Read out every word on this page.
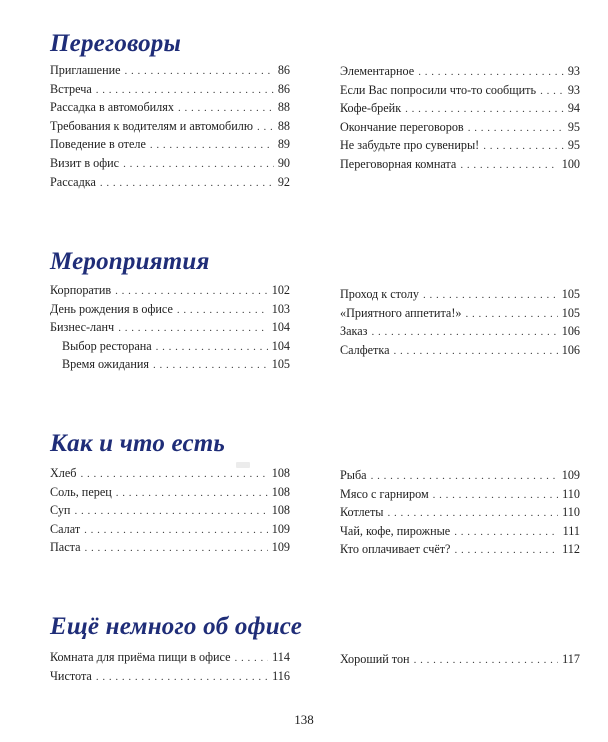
Переговоры
Приглашение . . .	86
Встреча . . .	86
Рассадка в автомобилях . . .	88
Требования к водителям и автомобилю . . . 88
Поведение в отеле . . .	89
Визит в офис . . .	90
Рассадка . . .	92
Элементарное . . .	93
Если Вас попросили что-то сообщить . . .	93
Кофе-брейк . . .	94
Окончание переговоров . . .	95
Не забудьте про сувениры! . . .	95
Переговорная комната . . .	100
Мероприятия
Корпоратив . . .	102
День рождения в офисе . . .	103
Бизнес-ланч . . .	104
Выбор ресторана . . .	104
Время ожидания . . .	105
Проход к столу . . .	105
«Приятного аппетита!» . . .	105
Заказ . . .	106
Салфетка . . .	106
Как и что есть
Хлеб . . .	108
Соль, перец . . .	108
Суп . . .	108
Салат . . .	109
Паста . . .	109
Рыба . . .	109
Мясо с гарниром . . .	110
Котлеты . . .	110
Чай, кофе, пирожные . . .	111
Кто оплачивает счёт? . . .	112
Ещё немного об офисе
Комната для приёма пищи в офисе . . .	114
Чистота . . .	116
Хороший тон . . .	117
138
